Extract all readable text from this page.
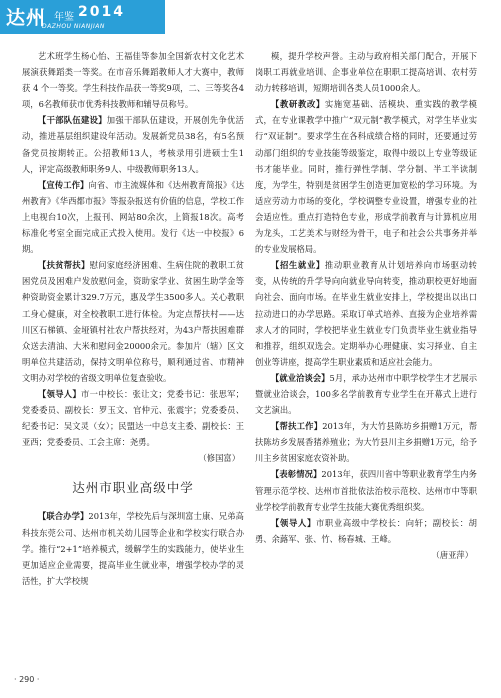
达州 年鉴 2014
DAZHOU NIANJIAN

艺术班学生杨心怡、王福佳等参加全国新农村文化艺术展演获舞蹈类一等奖。在市音乐舞蹈教师人才大赛中，教师获 4 个一等奖。学生科技作品获一等奖9项，二、三等奖各4项，6名教师获市优秀科技教师和辅导员称号。

【干部队伍建设】加强干部队伍建设，开展创先争优活动，推进基层组织建设年活动。发展新党员38名，有5名预备党员按期转正。公招教师13人，考核录用引进硕士生1人，评定高级教师职务9人、中级教师职务13人。

【宣传工作】向省、市主流媒体和《达州教育简报》《达州教育》《华西都市报》等报杂报送有价值的信息，学校工作上电视台10次，上报刊、网站80余次，上简报18次。高考标准化考室全面完成正式投入使用。发行《达一中校报》6期。

【扶贫帮扶】慰问家庭经济困难、生病住院的教职工贫困党员及困难户发放慰问金，资助家学业、贫困生助学金等种资助资金累计329.7万元，惠及学生3500多人。关心教职工身心健康，对全校教职工进行体检。为定点帮扶村——达川区石梯镇、金垭镇村社农户帮扶经对，为43户帮扶困难群众送去清油、大米和慰问金20000余元。参加片（辖）区文明单位共建活动，保持文明单位称号，顺利通过省、市精神文明办对学校的省级文明单位复查验收。

【领导人】市一中校长：张让文；党委书记：张思军；党委委员、副校长：罗玉文、官仲元、张震宇；党委委员、纪委书记：吴文灵（女）；民盟达一中总支主委、副校长：王亚西；党委委员、工会主席：尧勇。

（修国富）

达州市职业高级中学

【联合办学】2013年，学校先后与深圳富士康、兄弟高科技东莞公司、达州市机关幼儿园等企业和学校实行联合办学。推行“2+1”培养模式，缓解学生的实践能力，使毕业生更加适应企业需要，提高毕业生就业率，增强学校办学的灵活性，扩大学校规

模，提升学校声誉。主动与政府相关部门配合，开展下岗职工再就业培训、企事业单位在职职工提高培训、农村劳动力转移培训，短期培训各类人员1000余人。

【教研教改】实施宽基础、活模块、重实践的教学模式，在专业课教学中推广“双元制”教学模式，对学生毕业实行“双证制”。要求学生在各科成绩合格的同时，还要通过劳动部门组织的专业技能等级鉴定，取得中级以上专业等级证书才能毕业。同时，推行弹性学制、学分制、半工半读制度，为学生，特别是贫困学生创造更加宽松的学习环境。为适应劳动力市场的变化，学校调整专业设置，增强专业的社会适应性。重点打造特色专业，形成学前教育与计算机应用为龙头，工艺美术与财经为骨干，电子和社会公共事务并举的专业发展格局。

【招生就业】推动职业教育从计划培养向市场驱动转变，从传统的升学导向向就业导向转变，推动职校更好地面向社会、面向市场。在毕业生就业安排上，学校提出以出口拉动进口的办学思路。采取订单式培养、直接为企业培养需求人才的同时，学校把毕业生就业专门负责毕业生就业指导和推荐，组织双选会。定期举办心理健康、实习择业、自主创业等讲座，提高学生职业素质和适应社会能力。

【就业洽谈会】5月，承办达州市中职学校学生才艺展示暨就业洽谈会，100多名学前教育专业学生在开幕式上进行文艺演出。

【帮扶工作】2013年，为大竹县陈坊乡捐赠1万元，帮扶陈坊乡发展香猪养殖业；为大竹县川主乡捐赠1万元，给予川主乡贫困家庭农资补助。

【表彰情况】2013年，获四川省中等职业教育学生内务管理示范学校、达州市首批依法治校示范校、达州市中等职业学校学前教育专业学生技能大赛优秀组织奖。

【领导人】市职业高级中学校长：向轩；副校长：胡勇、余蕗军、张、竹、杨春城、王峰。

（唐亚萍）

· 290 ·
